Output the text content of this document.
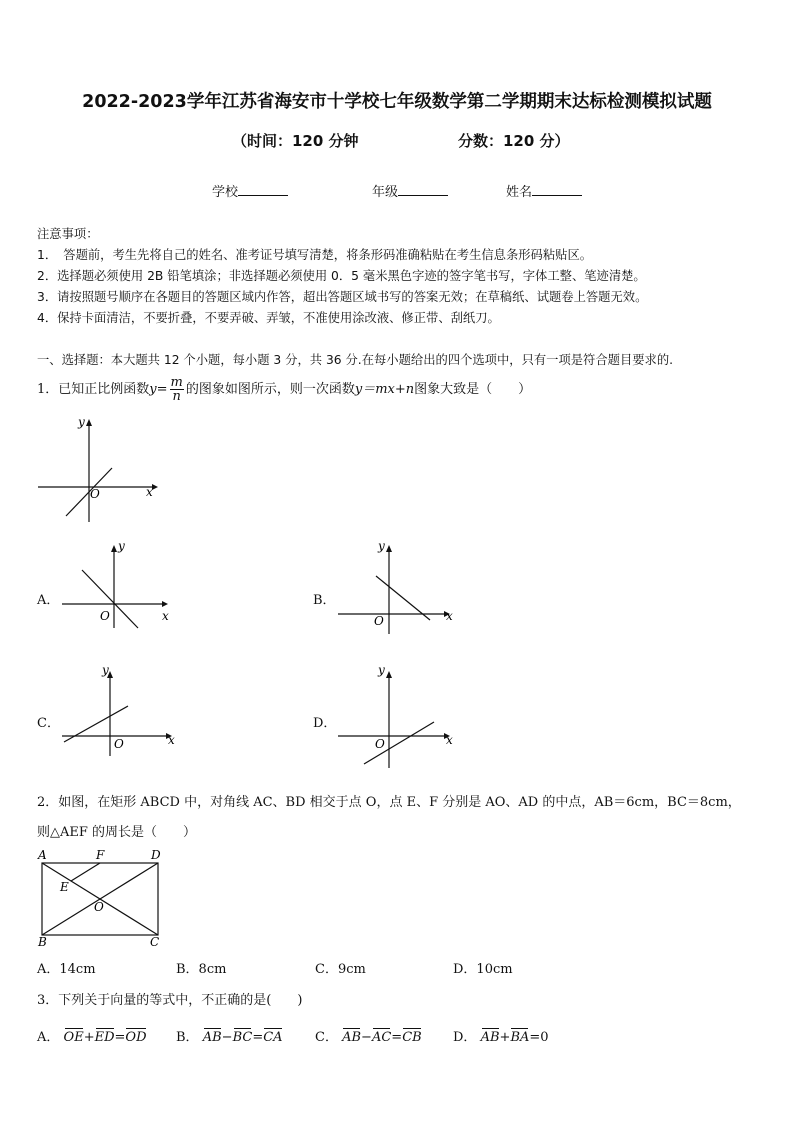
2022-2023学年江苏省海安市十学校七年级数学第二学期期末达标检测模拟试题
（时间：120 分钟	分数：120 分）
学校	年级	姓名
注意事项：
1．　答题前，考生先将自己的姓名、准考证号填写清楚，将条形码准确粘贴在考生信息条形码粘贴区。
2．选择题必须使用 2B 铅笔填涂；非选择题必须使用 0．5 毫米黑色字迹的签字笔书写，字体工整、笔迹清楚。
3．请按照题号顺序在各题目的答题区域内作答，超出答题区域书写的答案无效；在草稿纸、试题卷上答题无效。
4．保持卡面清洁，不要折叠，不要弄破、弄皱，不准使用涂改液、修正带、刮纸刀。
一、选择题：本大题共 12 个小题，每小题 3 分，共 36 分.在每小题给出的四个选项中，只有一项是符合题目要求的.
1．已知正比例函数$y= \frac{m}{n}$ 的图象如图所示，则一次函数y＝mx+n图象大致是（　　）
x
y
O
A．
x
y
O
B．
x
y
O
C．
x
y
O
D．
x
y
O
2．如图，在矩形 ABCD 中，对角线 AC、BD 相交于点 O，点 E、F 分别是 AO、AD 的中点，AB＝6cm，BC＝8cm，
则△AEF 的周长是（　　）
A	F	D
E
O
B	C
A．14cm	B．8cm	C．9cm	D．10cm
3．下列关于向量的等式中，不正确的是(　　)
A． OE+ED=OD B． AB−BC=CA C． AB−AC=CB D． AB+BA=0
